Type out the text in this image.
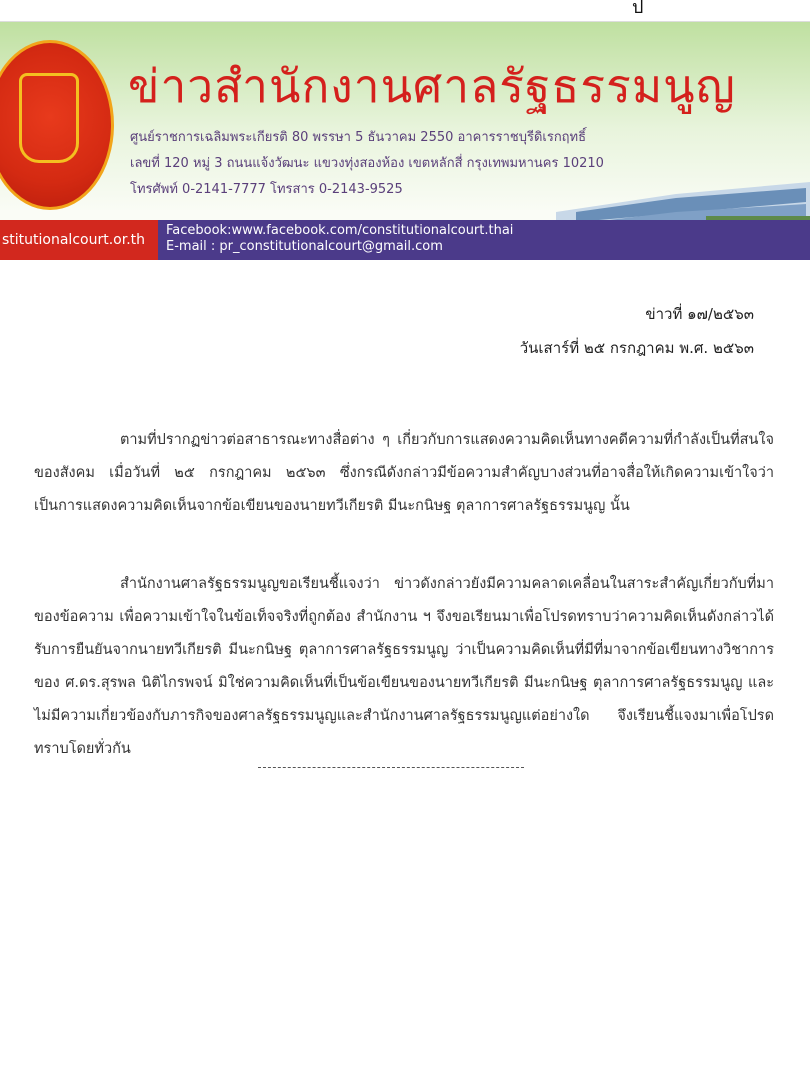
ป
ข่าวสำนักงานศาลรัฐธรรมนูญ
ศูนย์ราชการเฉลิมพระเกียรติ 80 พรรษา 5 ธันวาคม 2550 อาคารราชบุรีดิเรกฤทธิ์
เลขที่ 120 หมู่ 3 ถนนแจ้งวัฒนะ แขวงทุ่งสองห้อง เขตหลักสี่ กรุงเทพมหานคร 10210
โทรศัพท์ 0-2141-7777 โทรสาร 0-2143-9525
stitutionalcourt.or.th
Facebook:www.facebook.com/constitutionalcourt.thai
E-mail : pr_constitutionalcourt@gmail.com
ข่าวที่ ๑๗/๒๕๖๓
วันเสาร์ที่ ๒๕ กรกฎาคม พ.ศ. ๒๕๖๓
ตามที่ปรากฏข่าวต่อสาธารณะทางสื่อต่าง ๆ เกี่ยวกับการแสดงความคิดเห็นทางคดีความที่กำลังเป็นที่สนใจของสังคม เมื่อวันที่ ๒๕ กรกฎาคม ๒๕๖๓ ซึ่งกรณีดังกล่าวมีข้อความสำคัญบางส่วนที่อาจสื่อให้เกิดความเข้าใจว่าเป็นการแสดงความคิดเห็นจากข้อเขียนของนายทวีเกียรติ มีนะกนิษฐ ตุลาการศาลรัฐธรรมนูญ นั้น
สำนักงานศาลรัฐธรรมนูญขอเรียนชี้แจงว่า ข่าวดังกล่าวยังมีความคลาดเคลื่อนในสาระสำคัญเกี่ยวกับที่มาของข้อความ เพื่อความเข้าใจในข้อเท็จจริงที่ถูกต้อง สำนักงาน ฯ จึงขอเรียนมาเพื่อโปรดทราบว่าความคิดเห็นดังกล่าวได้รับการยืนยันจากนายทวีเกียรติ มีนะกนิษฐ ตุลาการศาลรัฐธรรมนูญ ว่าเป็นความคิดเห็นที่มีที่มาจากข้อเขียนทางวิชาการของ ศ.ดร.สุรพล นิติไกรพจน์ มิใช่ความคิดเห็นที่เป็นข้อเขียนของนายทวีเกียรติ มีนะกนิษฐ ตุลาการศาลรัฐธรรมนูญ และไม่มีความเกี่ยวข้องกับภารกิจของศาลรัฐธรรมนูญและสำนักงานศาลรัฐธรรมนูญแต่อย่างใด จึงเรียนชี้แจงมาเพื่อโปรดทราบโดยทั่วกัน
